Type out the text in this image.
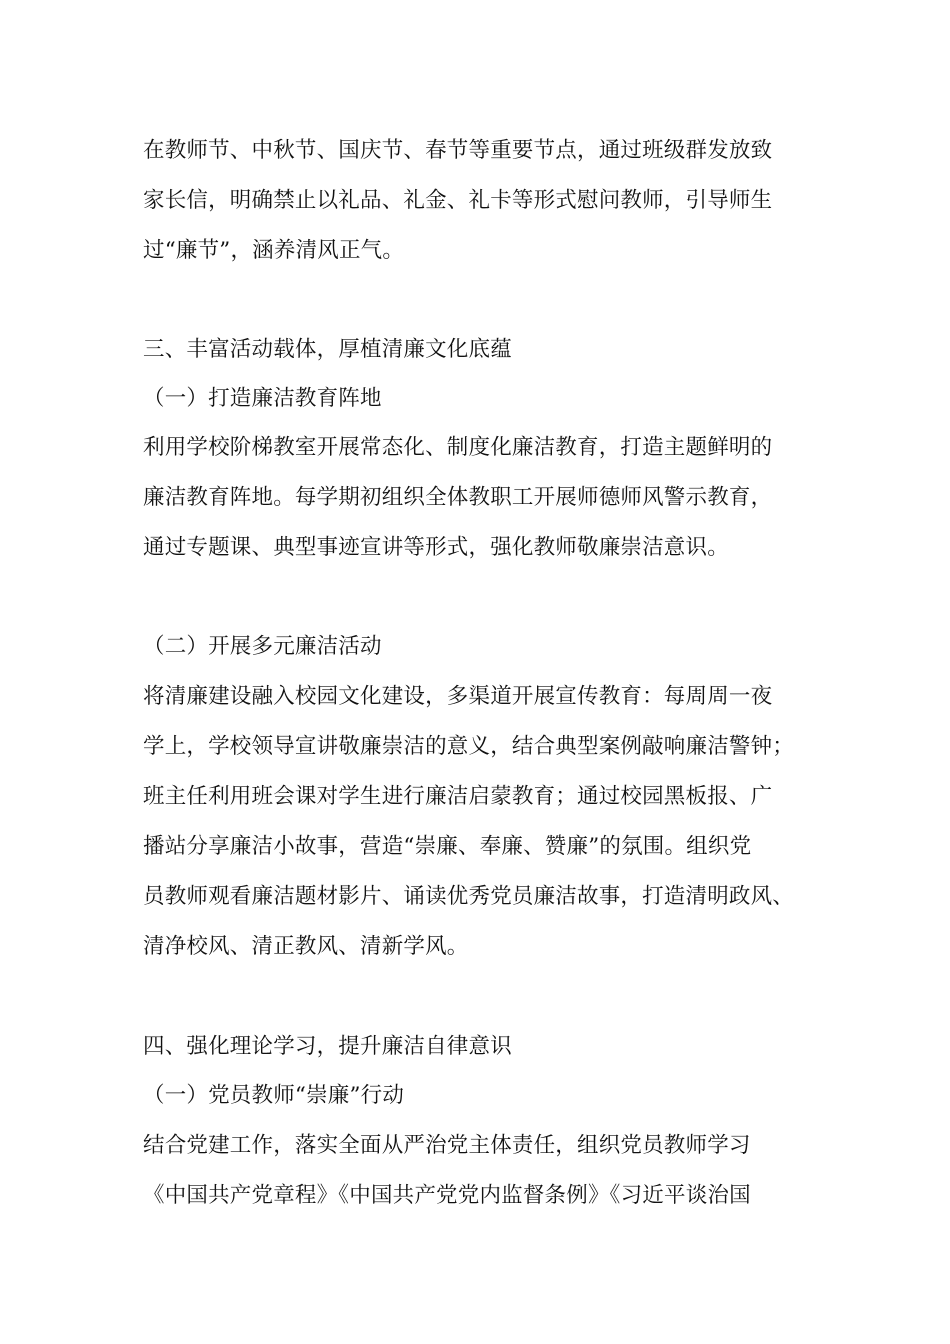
在教师节、中秋节、国庆节、春节等重要节点，通过班级群发放致
家长信，明确禁止以礼品、礼金、礼卡等形式慰问教师，引导师生
过“廉节”，涵养清风正气。
三、丰富活动载体，厚植清廉文化底蕴
（一）打造廉洁教育阵地
利用学校阶梯教室开展常态化、制度化廉洁教育，打造主题鲜明的
廉洁教育阵地。每学期初组织全体教职工开展师德师风警示教育，
通过专题课、典型事迹宣讲等形式，强化教师敬廉崇洁意识。
（二）开展多元廉洁活动
将清廉建设融入校园文化建设，多渠道开展宣传教育：每周周一夜
学上，学校领导宣讲敬廉崇洁的意义，结合典型案例敲响廉洁警钟；
班主任利用班会课对学生进行廉洁启蒙教育；通过校园黑板报、广
播站分享廉洁小故事，营造“崇廉、奉廉、赞廉”的氛围。组织党
员教师观看廉洁题材影片、诵读优秀党员廉洁故事，打造清明政风、
清净校风、清正教风、清新学风。
四、强化理论学习，提升廉洁自律意识
（一）党员教师“崇廉”行动
结合党建工作，落实全面从严治党主体责任，组织党员教师学习
《中国共产党章程》《中国共产党党内监督条例》《习近平谈治国
